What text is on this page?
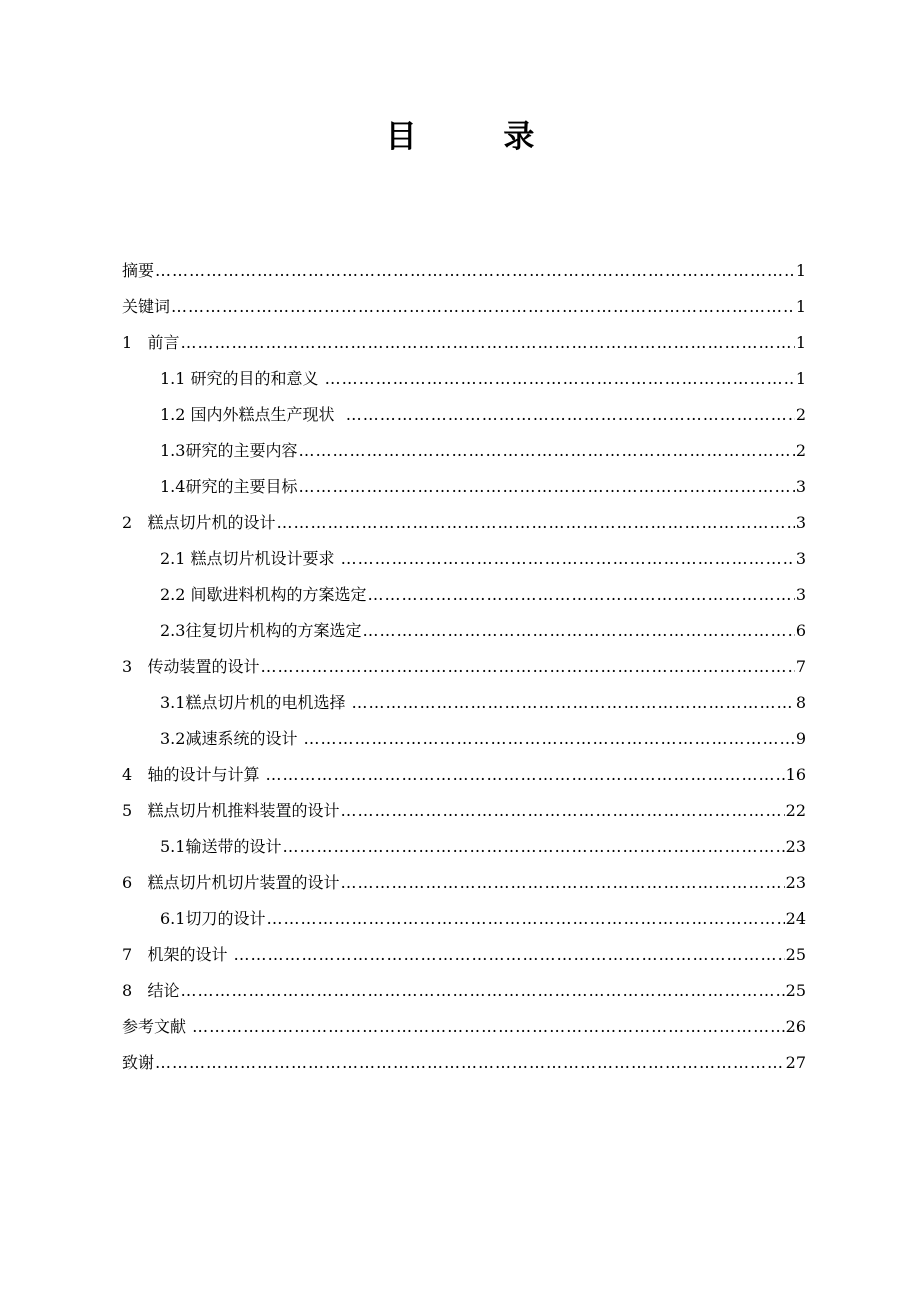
目 录
摘要 ……………………………………………………………………………………………………………………………………………………………………………………………	1
关键词 ……………………………………………………………………………………………………………………………………………………………………………………………	1
1   前言 ……………………………………………………………………………………………………………………………………………………………………………………………	1
1.1 研究的目的和意义 ……………………………………………………………………………………………………………………………………………………………………………………………	1
1.2 国内外糕点生产现状 ……………………………………………………………………………………………………………………………………………………………………………………………	2
1.3研究的主要内容 ……………………………………………………………………………………………………………………………………………………………………………………………	2
1.4研究的主要目标 ……………………………………………………………………………………………………………………………………………………………………………………………	3
2   糕点切片机的设计 ……………………………………………………………………………………………………………………………………………………………………………………………	3
2.1 糕点切片机设计要求 ……………………………………………………………………………………………………………………………………………………………………………………………	3
2.2 间歇进料机构的方案选定 ……………………………………………………………………………………………………………………………………………………………………………………………	3
2.3往复切片机构的方案选定 ……………………………………………………………………………………………………………………………………………………………………………………………	6
3   传动装置的设计 ……………………………………………………………………………………………………………………………………………………………………………………………	7
3.1糕点切片机的电机选择 ……………………………………………………………………………………………………………………………………………………………………………………………	8
3.2减速系统的设计 ……………………………………………………………………………………………………………………………………………………………………………………………	9
4   轴的设计与计算 ……………………………………………………………………………………………………………………………………………………………………………………………	16
5   糕点切片机推料装置的设计 ……………………………………………………………………………………………………………………………………………………………………………………………	22
5.1输送带的设计 ……………………………………………………………………………………………………………………………………………………………………………………………	23
6   糕点切片机切片装置的设计 ……………………………………………………………………………………………………………………………………………………………………………………………	23
6.1切刀的设计 ……………………………………………………………………………………………………………………………………………………………………………………………	24
7   机架的设计 ……………………………………………………………………………………………………………………………………………………………………………………………	25
8   结论 ……………………………………………………………………………………………………………………………………………………………………………………………	25
参考文献 ……………………………………………………………………………………………………………………………………………………………………………………………	26
致谢 ……………………………………………………………………………………………………………………………………………………………………………………………	27
